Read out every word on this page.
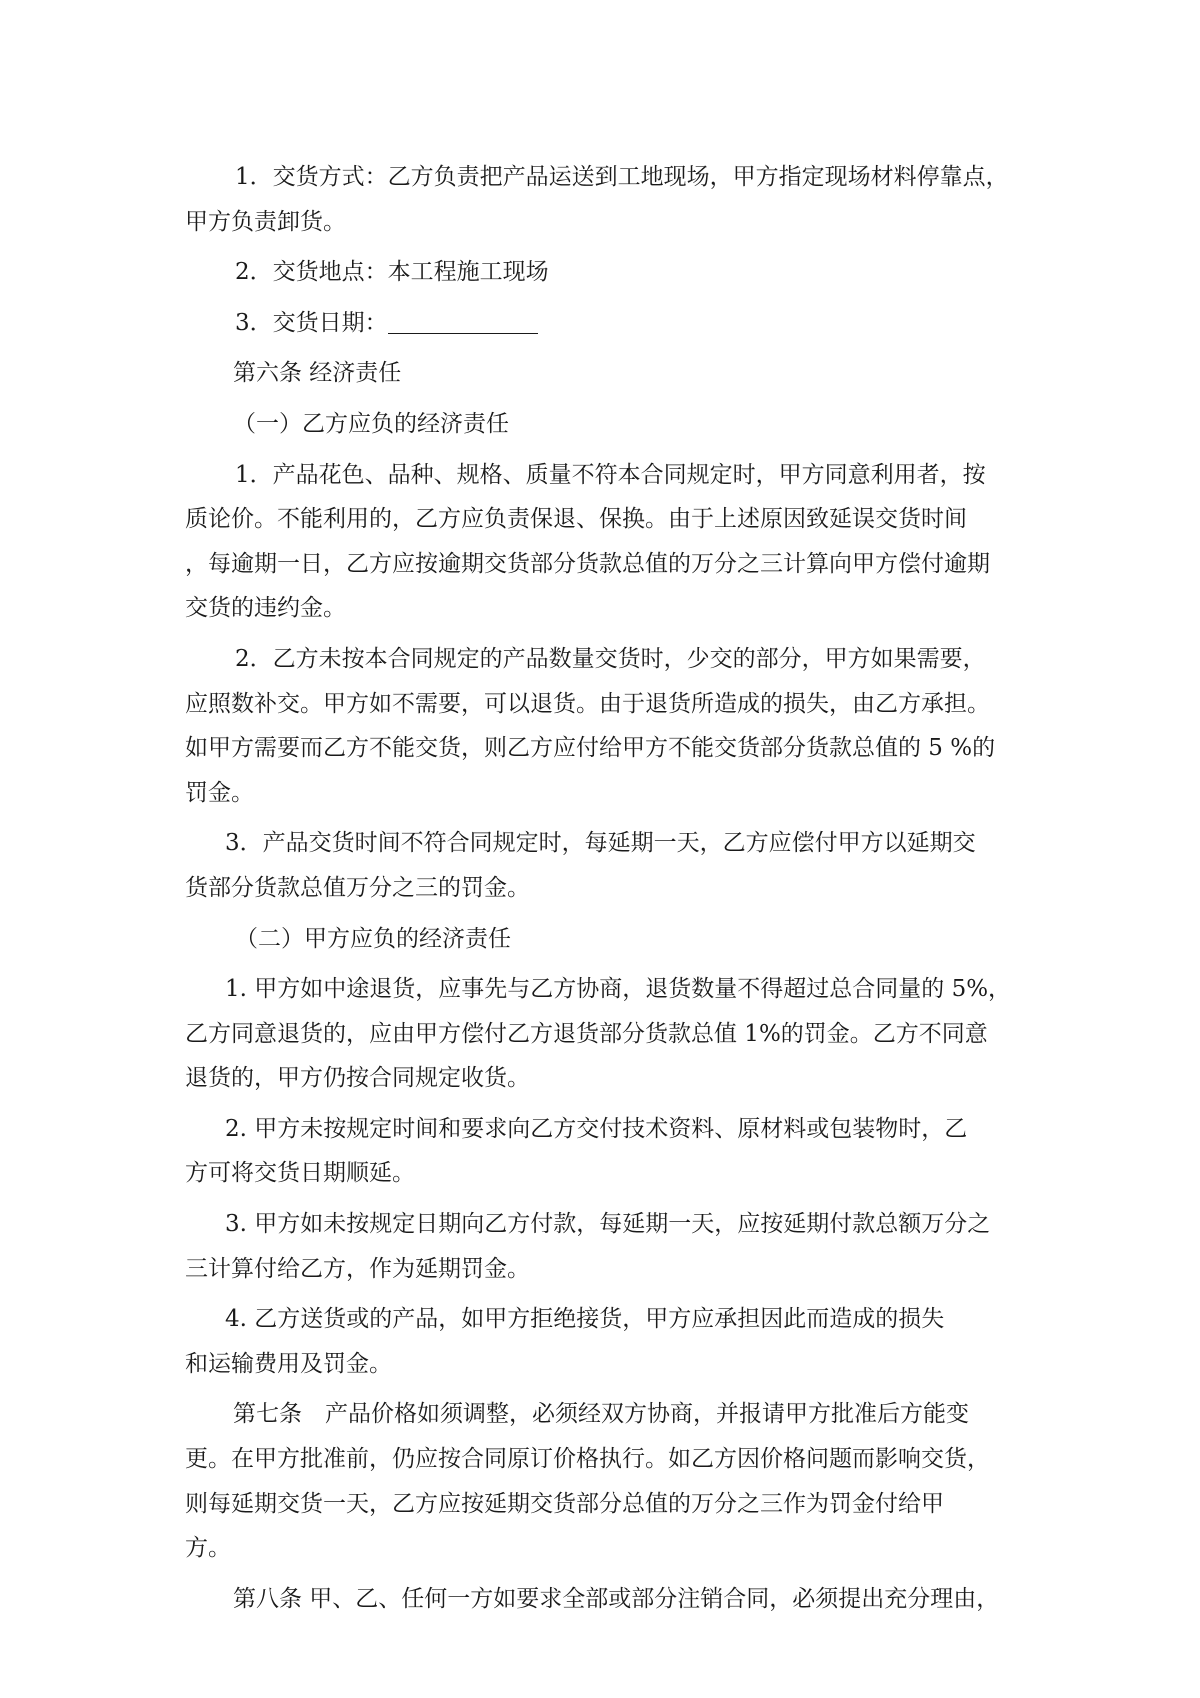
1．交货方式：乙方负责把产品运送到工地现场，甲方指定现场材料停靠点，
甲方负责卸货。
2．交货地点：本工程施工现场
3．交货日期：
第六条 经济责任
（一）乙方应负的经济责任
1．产品花色、品种、规格、质量不符本合同规定时，甲方同意利用者，按
质论价。不能利用的，乙方应负责保退、保换。由于上述原因致延误交货时间
，每逾期一日，乙方应按逾期交货部分货款总值的万分之三计算向甲方偿付逾期
交货的违约金。
2．乙方未按本合同规定的产品数量交货时，少交的部分，甲方如果需要，
应照数补交。甲方如不需要，可以退货。由于退货所造成的损失，由乙方承担。
如甲方需要而乙方不能交货，则乙方应付给甲方不能交货部分货款总值的 5 %的
罚金。
3．产品交货时间不符合同规定时，每延期一天，乙方应偿付甲方以延期交
货部分货款总值万分之三的罚金。
（二）甲方应负的经济责任
1. 甲方如中途退货，应事先与乙方协商，退货数量不得超过总合同量的 5%，
乙方同意退货的，应由甲方偿付乙方退货部分货款总值 1%的罚金。乙方不同意
退货的，甲方仍按合同规定收货。
2. 甲方未按规定时间和要求向乙方交付技术资料、原材料或包装物时，乙
方可将交货日期顺延。
3. 甲方如未按规定日期向乙方付款，每延期一天，应按延期付款总额万分之
三计算付给乙方，作为延期罚金。
4. 乙方送货或的产品，如甲方拒绝接货，甲方应承担因此而造成的损失
和运输费用及罚金。
第七条　产品价格如须调整，必须经双方协商，并报请甲方批准后方能变
更。在甲方批准前，仍应按合同原订价格执行。如乙方因价格问题而影响交货，
则每延期交货一天，乙方应按延期交货部分总值的万分之三作为罚金付给甲
方。
第八条 甲、乙、任何一方如要求全部或部分注销合同，必须提出充分理由，
